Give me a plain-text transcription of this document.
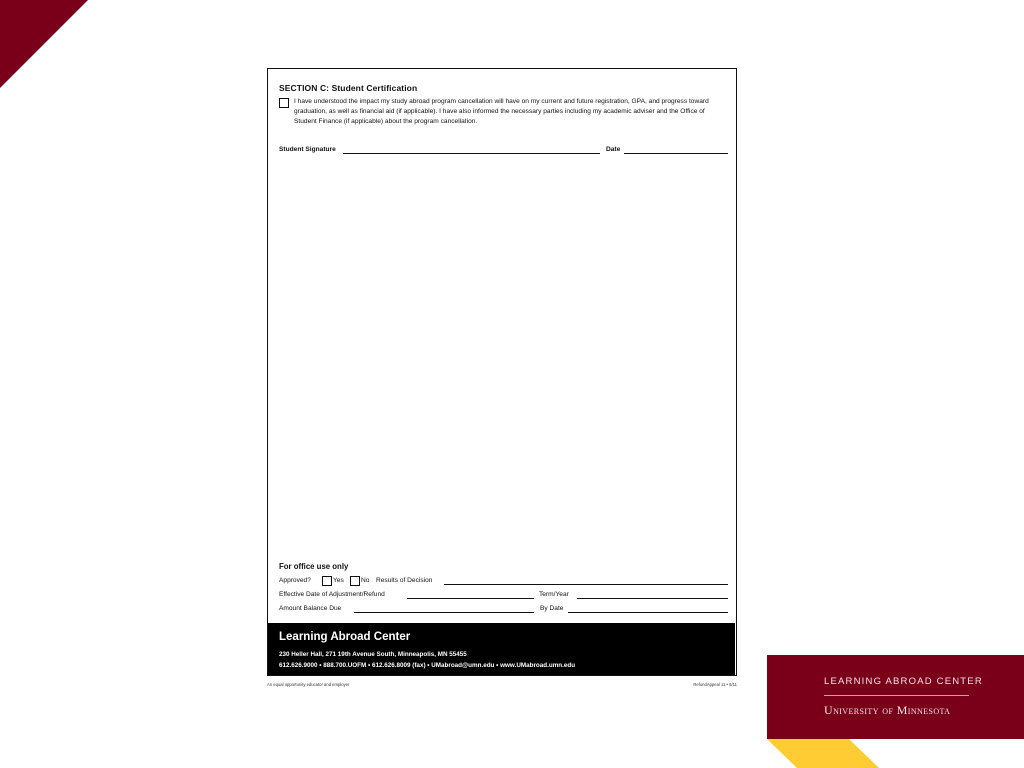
SECTION C: Student Certification
I have understood the impact my study abroad program cancellation will have on my current and future registration, GPA, and progress toward graduation, as well as financial aid (if applicable). I have also informed the necessary parties including my academic adviser and the Office of Student Finance (if applicable) about the program cancellation.
Student Signature	Date
For office use only
Approved?	Yes	No Results of Decision
Effective Date of Adjustment/Refund	Term/Year
Amount Balance Due	By Date
Learning Abroad Center
230 Heller Hall, 271 19th Avenue South, Minneapolis, MN 55455
612.626.9000 • 888.700.UOFM • 612.626.8009 (fax) • UMabroad@umn.edu • www.UMabroad.umn.edu
An equal opportunity educator and employer	RefundAppeal 11 • 6/11	LEARNING ABROAD CENTER
University of Minnesota
